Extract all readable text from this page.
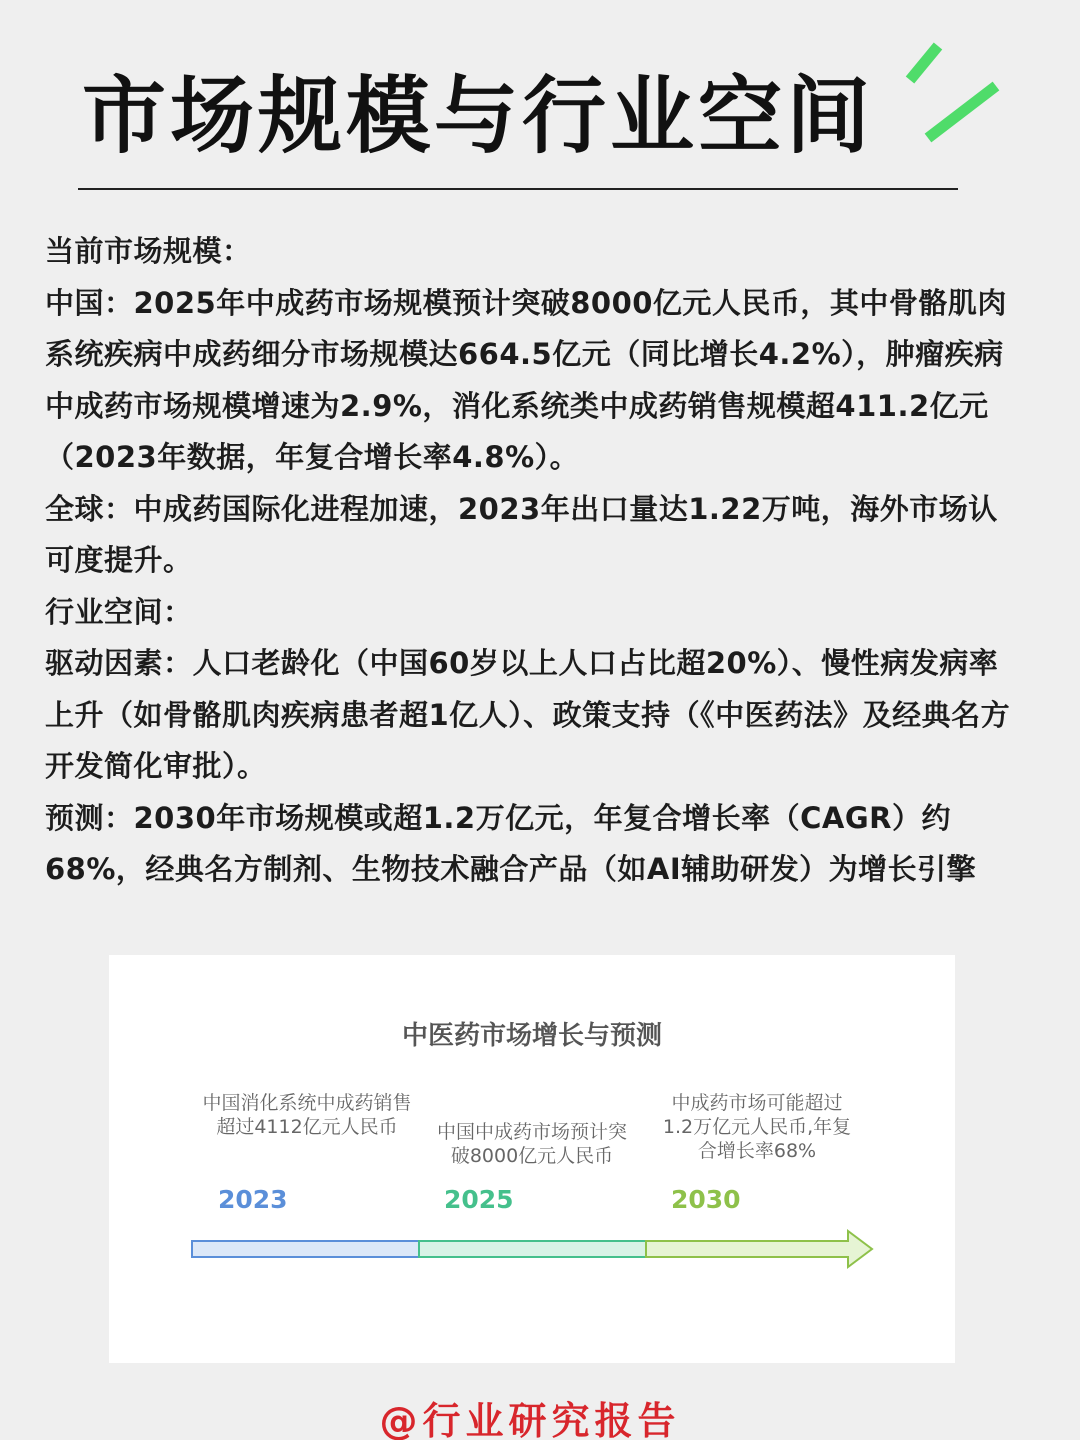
市场规模与行业空间

当前市场规模：

中国：2025年中成药市场规模预计突破8000亿元人民币，其中骨骼肌肉系统疾病中成药细分市场规模达664.5亿元（同比增长4.2%），肿瘤疾病中成药市场规模增速为2.9%，消化系统类中成药销售规模超411.2亿元（2023年数据，年复合增长率4.8%）。

全球：中成药国际化进程加速，2023年出口量达1.22万吨，海外市场认可度提升。

行业空间：

驱动因素：人口老龄化（中国60岁以上人口占比超20%）、慢性病发病率上升（如骨骼肌肉疾病患者超1亿人）、政策支持（《中医药法》及经典名方开发简化审批）。

预测：2030年市场规模或超1.2万亿元，年复合增长率（CAGR）约68%，经典名方制剂、生物技术融合产品（如AI辅助研发）为增长引擎

中医药市场增长与预测
中国消化系统中成药销售超过4112亿元人民币	中国中成药市场预计突破8000亿元人民币
中成药市场可能超过1.2万亿元人民币,年复合增长率68%
2023	2025	2030
@行业研究报告
